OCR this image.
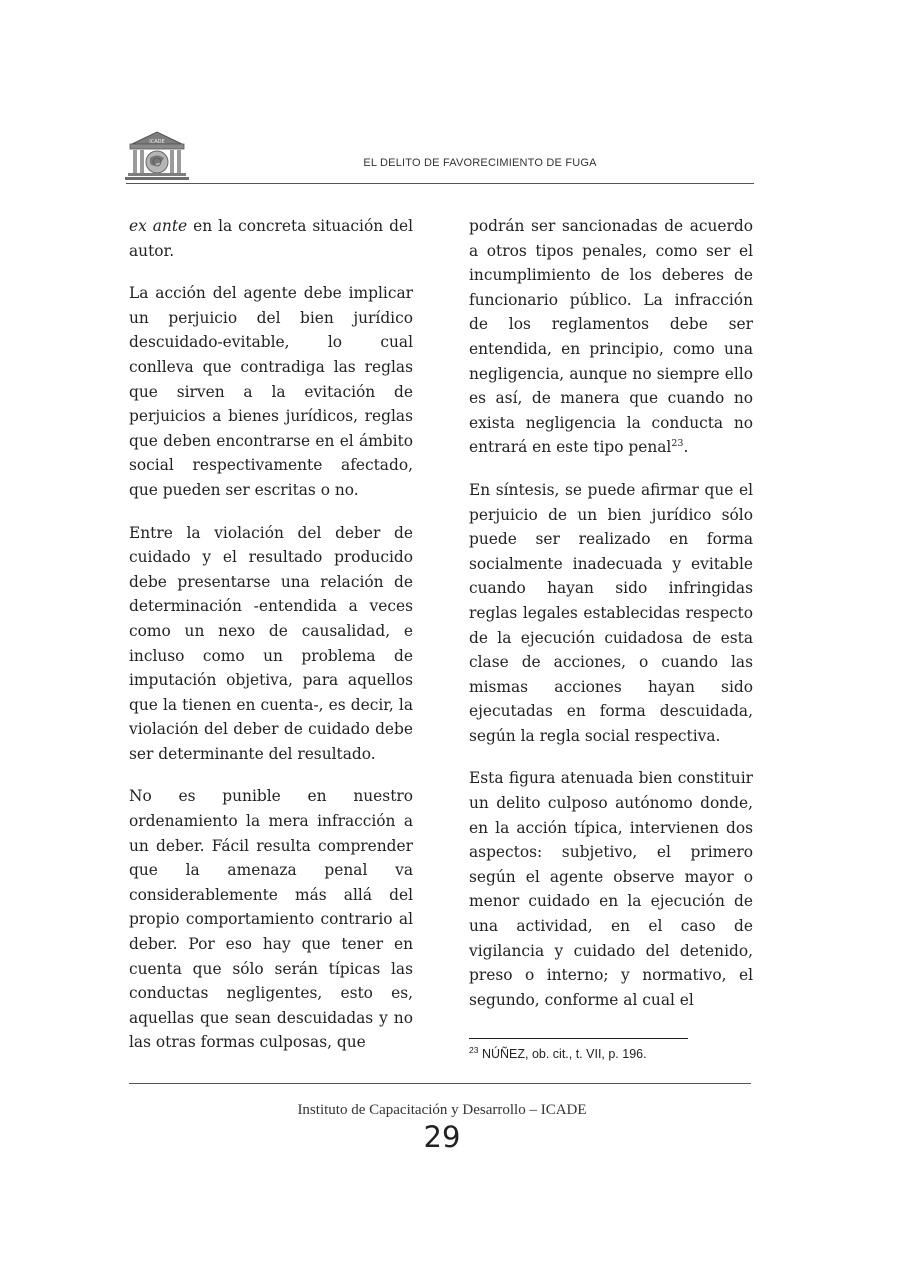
ICADE
EL DELITO DE FAVORECIMIENTO DE FUGA

ex ante en la concreta situación del autor.

La acción del agente debe implicar un perjuicio del bien jurídico descuidado-evitable, lo cual conlleva que contradiga las reglas que sirven a la evitación de perjuicios a bienes jurídicos, reglas que deben encontrarse en el ámbito social respectivamente afectado, que pueden ser escritas o no.

Entre la violación del deber de cuidado y el resultado producido debe presentarse una relación de determinación -entendida a veces como un nexo de causalidad, e incluso como un problema de imputación objetiva, para aquellos que la tienen en cuenta-, es decir, la violación del deber de cuidado debe ser determinante del resultado.

No es punible en nuestro ordenamiento la mera infracción a un deber. Fácil resulta comprender que la amenaza penal va considerablemente más allá del propio comportamiento contrario al deber. Por eso hay que tener en cuenta que sólo serán típicas las conductas negligentes, esto es, aquellas que sean descuidadas y no las otras formas culposas, que

podrán ser sancionadas de acuerdo a otros tipos penales, como ser el incumplimiento de los deberes de funcionario público. La infracción de los reglamentos debe ser entendida, en principio, como una negligencia, aunque no siempre ello es así, de manera que cuando no exista negligencia la conducta no entrará en este tipo penal$^{23}$.

En síntesis, se puede afirmar que el perjuicio de un bien jurídico sólo puede ser realizado en forma socialmente inadecuada y evitable cuando hayan sido infringidas reglas legales establecidas respecto de la ejecución cuidadosa de esta clase de acciones, o cuando las mismas acciones hayan sido ejecutadas en forma descuidada, según la regla social respectiva.

Esta figura atenuada bien constituir un delito culposo autónomo donde, en la acción típica, intervienen dos aspectos: subjetivo, el primero según el agente observe mayor o menor cuidado en la ejecución de una actividad, en el caso de vigilancia y cuidado del detenido, preso o interno; y normativo, el segundo, conforme al cual el

$^{23}$ NÚÑEZ, ob. cit., t. VII, p. 196.
Instituto de Capacitación y Desarrollo – ICADE
29
